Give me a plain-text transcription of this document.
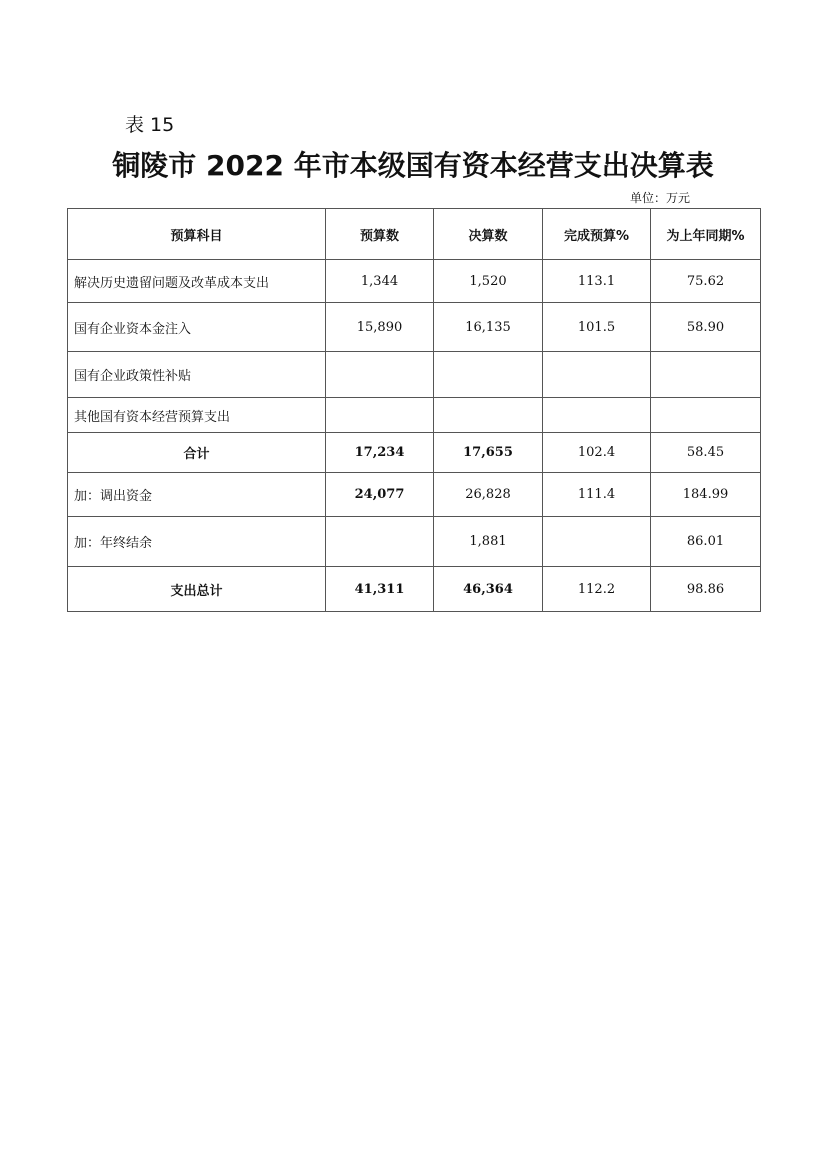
表 15
铜陵市 2022 年市本级国有资本经营支出决算表
单位：万元
预算科目	预算数	决算数	完成预算%	为上年同期%
解决历史遗留问题及改革成本支出	1,344	1,520	113.1	75.62
国有企业资本金注入	15,890	16,135	101.5	58.90
国有企业政策性补贴				
其他国有资本经营预算支出				
合计	17,234	17,655	102.4	58.45
加：调出资金	24,077	26,828	111.4	184.99
加：年终结余		1,881		86.01
支出总计	41,311	46,364	112.2	98.86
